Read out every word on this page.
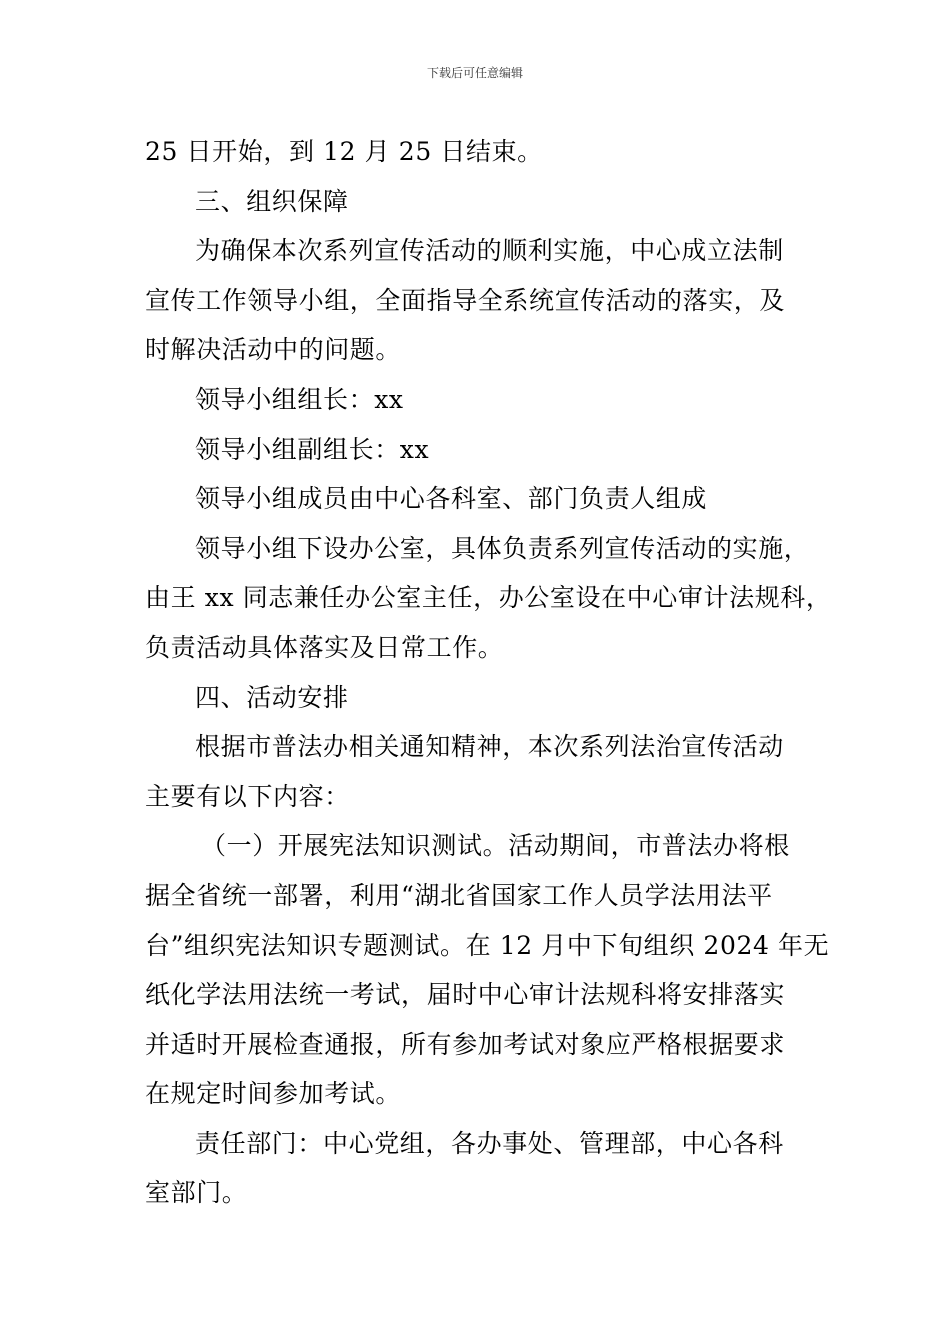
下载后可任意编辑

25 日开始，到 12 月 25 日结束。

三、组织保障

为确保本次系列宣传活动的顺利实施，中心成立法制

宣传工作领导小组，全面指导全系统宣传活动的落实，及

时解决活动中的问题。

领导小组组长：xx

领导小组副组长：xx

领导小组成员由中心各科室、部门负责人组成

领导小组下设办公室，具体负责系列宣传活动的实施，

由王 xx 同志兼任办公室主任，办公室设在中心审计法规科，

负责活动具体落实及日常工作。

四、活动安排

根据市普法办相关通知精神，本次系列法治宣传活动

主要有以下内容：

（一）开展宪法知识测试。活动期间，市普法办将根

据全省统一部署，利用“湖北省国家工作人员学法用法平

台”组织宪法知识专题测试。在 12 月中下旬组织 2024 年无

纸化学法用法统一考试，届时中心审计法规科将安排落实

并适时开展检查通报，所有参加考试对象应严格根据要求

在规定时间参加考试。

责任部门：中心党组，各办事处、管理部，中心各科

室部门。
